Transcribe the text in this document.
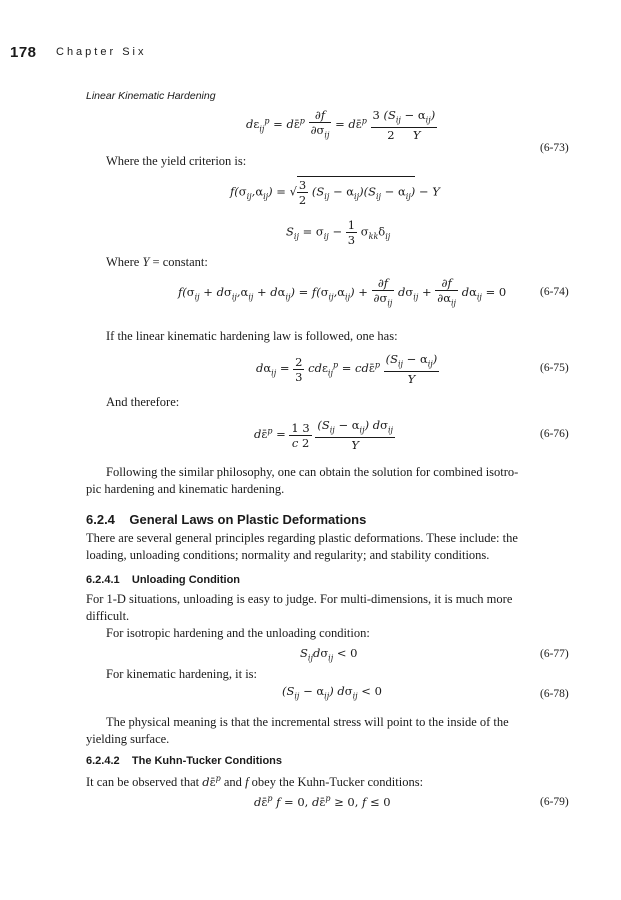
178 Chapter Six
Linear Kinematic Hardening
$d\varepsilon_{ij}^p$ = dε̄$^p$ $\frac{\partial f}{\partial\sigma_{ij}}$ = dε̄$^p$ $\frac{3 (S_{ij} - \alpha_{ij})}{2 Y}$
(6-73)
Where the yield criterion is:
$f(\sigma_{ij},\alpha_{ij})$ = √ $\frac{3}{2} (S_{ij} - \alpha_{ij})(S_{ij} - \alpha_{ij}) - Y$
$S_{ij} = \sigma_{ij} - \frac{1}{3} \sigma_{kk}\delta_{ij}$
Where Y = constant:
$f(\sigma_{ij} + d\sigma_{ij},\alpha_{ij} + d\alpha_{ij}) = f(\sigma_{ij},\alpha_{ij}) + \frac{\partial f}{\partial\sigma_{ij}} d\sigma_{ij} + \frac{\partial f}{\partial\alpha_{ij}} d\alpha_{ij} = 0$	(6-74)
If the linear kinematic hardening law is followed, one has:
$d\alpha_{ij} = \frac{2}{3} cd\varepsilon_{ij}^p$ = cdε̄$^p$ $\frac{(S_{ij} - \alpha_{ij})}{Y}$	(6-75)
And therefore:
dε̄$^p$ = $\frac{1 3}{c 2}$
$\frac{(S_{ij} - \alpha_{ij}) d\sigma_{ij}}{Y}$	(6-76)
Following the similar philosophy, one can obtain the solution for combined isotro-
pic hardening and kinematic hardening.
6.2.4 General Laws on Plastic Deformations
There are several general principles regarding plastic deformations. These include: the
loading, unloading conditions; normality and regularity; and stability conditions.
6.2.4.1 Unloading Condition
For 1-D situations, unloading is easy to judge. For multi-dimensions, it is much more
difficult.
For isotropic hardening and the unloading condition:
$S_{ij}d\sigma_{ij} < 0$	(6-77)
For kinematic hardening, it is:
$(S_{ij} - \alpha_{ij}) d\sigma_{ij} < 0$	(6-78)
The physical meaning is that the incremental stress will point to the inside of the
yielding surface.
6.2.4.2 The Kuhn-Tucker Conditions
It can be observed that dε̄$^p$ and f obey the Kuhn-Tucker conditions:
dε̄$^p$ f = 0, dε̄$^p$ ≥ 0, f ≤ 0	(6-79)
